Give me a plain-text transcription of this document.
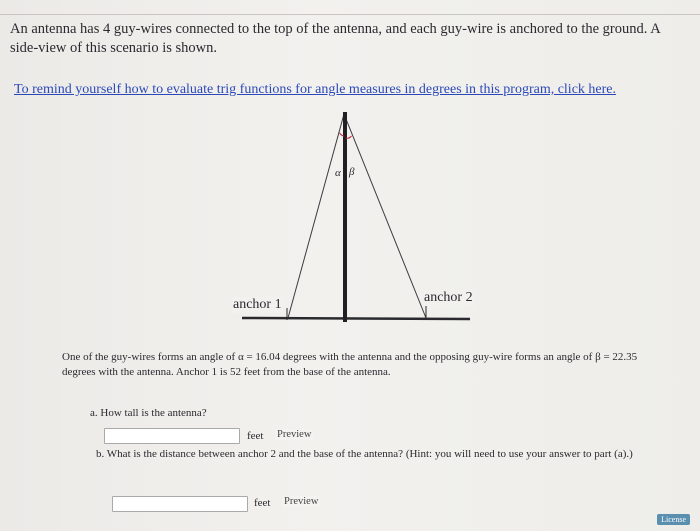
An antenna has 4 guy-wires connected to the top of the antenna, and each guy-wire is anchored to the ground. A side-view of this scenario is shown.
To remind yourself how to evaluate trig functions for angle measures in degrees in this program, click here.
α β
anchor 1	anchor 2
One of the guy-wires forms an angle of α = 16.04 degrees with the antenna and the opposing guy-wire forms an angle of β = 22.35 degrees with the antenna. Anchor 1 is 52 feet from the base of the antenna.
a. How tall is the antenna?
feet Preview
b. What is the distance between anchor 2 and the base of the antenna? (Hint: you will need to use your answer to part (a).)
feet Preview
License
